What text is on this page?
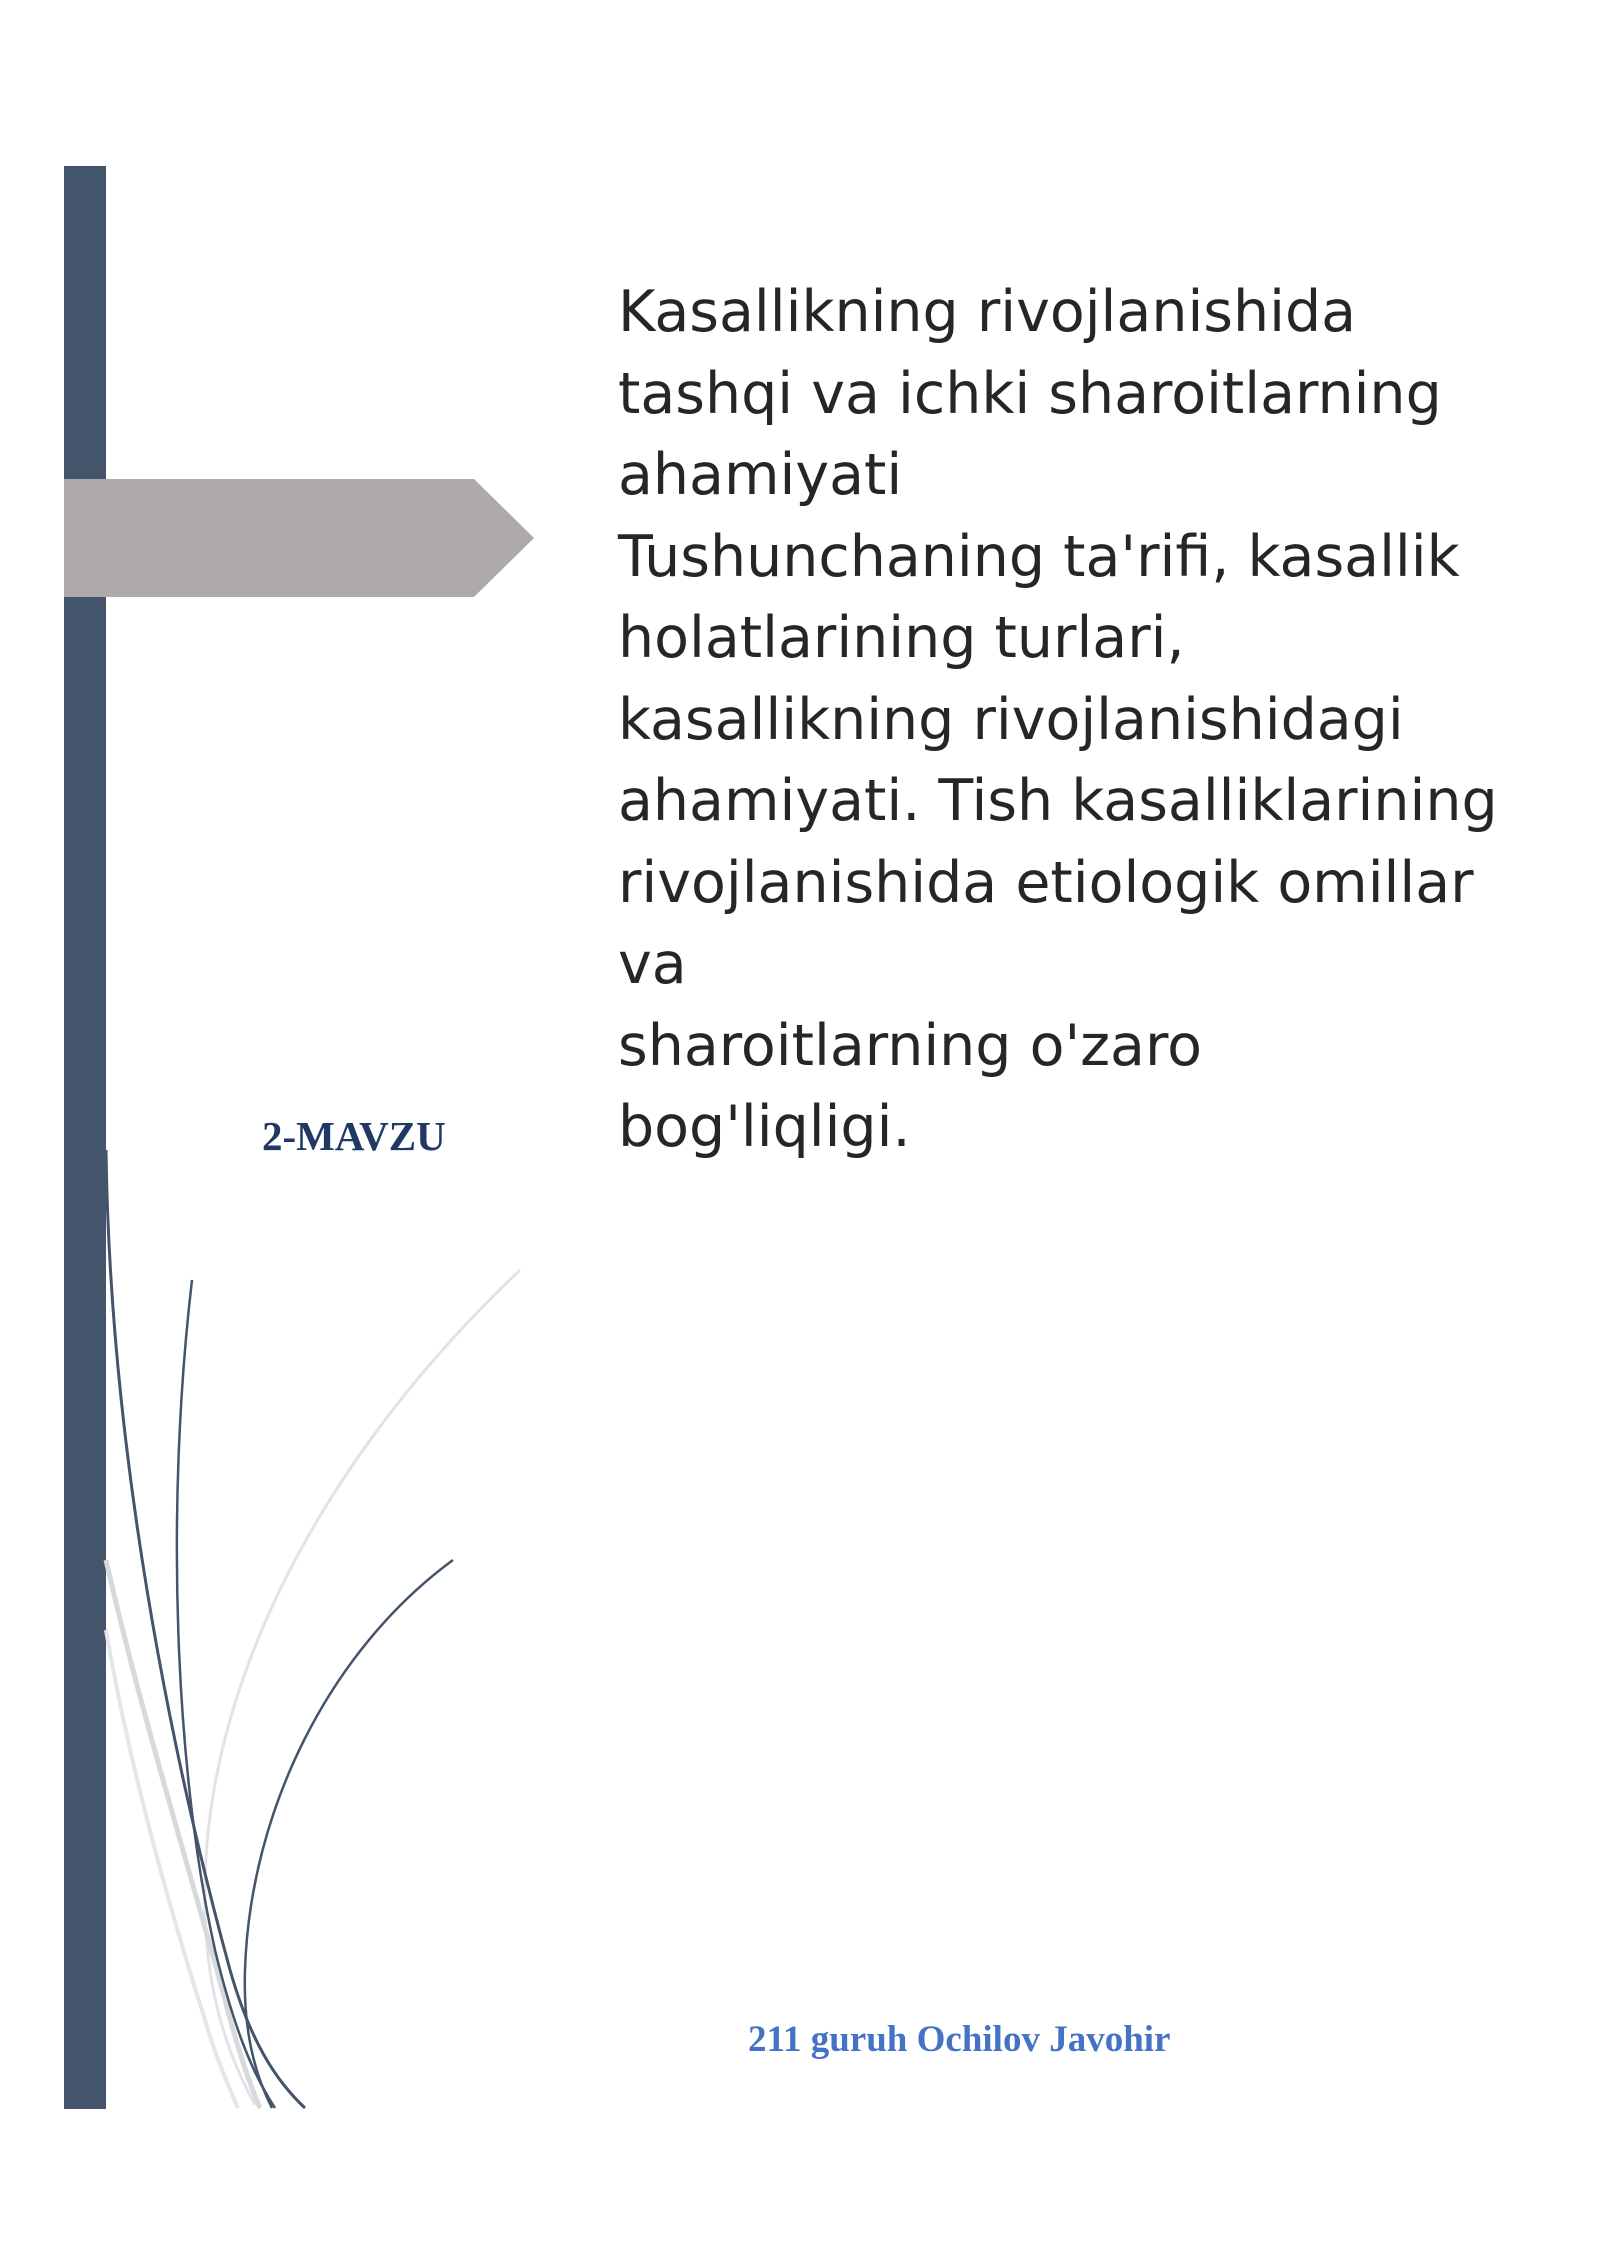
2-MAVZU
Kasallikning rivojlanishida
tashqi va ichki sharoitlarning
ahamiyati
Tushunchaning ta'rifi, kasallik
holatlarining turlari,
kasallikning rivojlanishidagi
ahamiyati. Tish kasalliklarining
rivojlanishida etiologik omillar
va
sharoitlarning o'zaro
bog'liqligi.
211 guruh Ochilov Javohir
